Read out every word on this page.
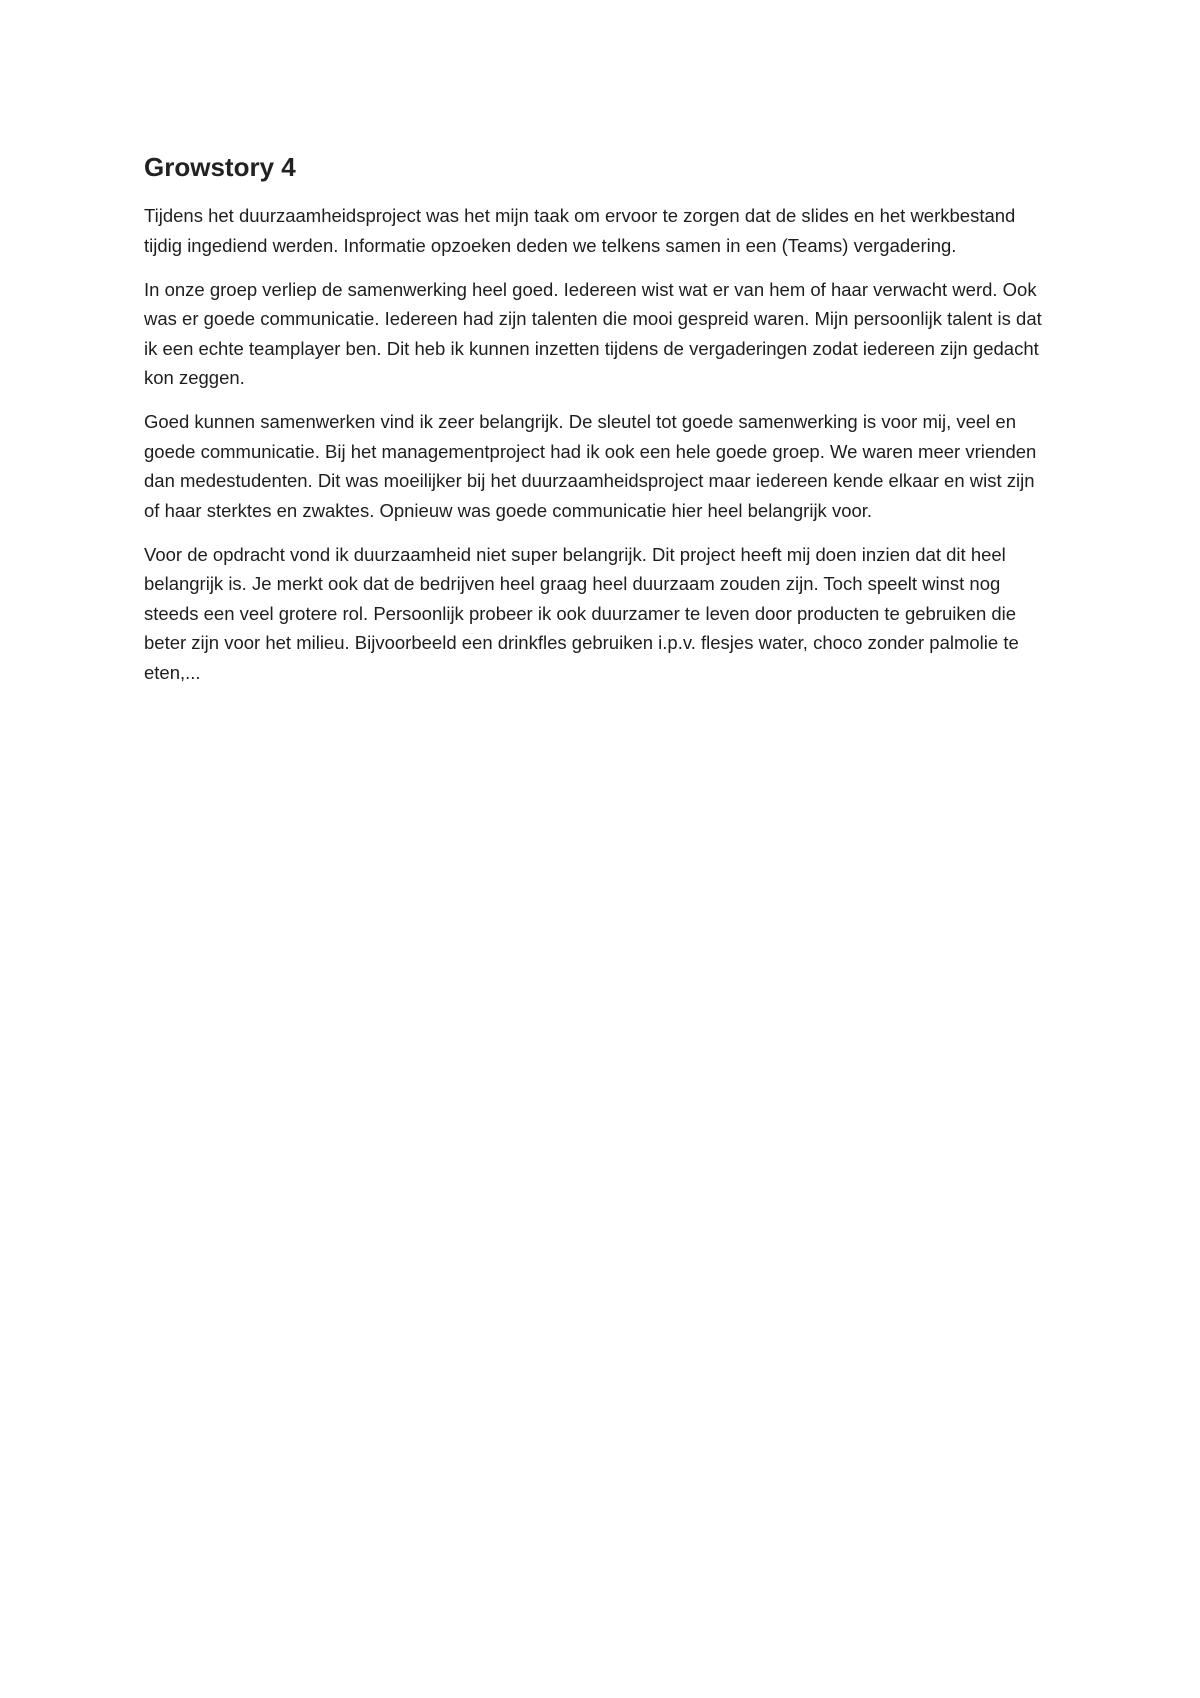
Growstory 4

Tijdens het duurzaamheidsproject was het mijn taak om ervoor te zorgen dat de slides en het werkbestand tijdig ingediend werden. Informatie opzoeken deden we telkens samen in een (Teams) vergadering.

In onze groep verliep de samenwerking heel goed. Iedereen wist wat er van hem of haar verwacht werd. Ook was er goede communicatie. Iedereen had zijn talenten die mooi gespreid waren. Mijn persoonlijk talent is dat ik een echte teamplayer ben. Dit heb ik kunnen inzetten tijdens de vergaderingen zodat iedereen zijn gedacht kon zeggen.

Goed kunnen samenwerken vind ik zeer belangrijk. De sleutel tot goede samenwerking is voor mij, veel en goede communicatie. Bij het managementproject had ik ook een hele goede groep. We waren meer vrienden dan medestudenten. Dit was moeilijker bij het duurzaamheidsproject maar iedereen kende elkaar en wist zijn of haar sterktes en zwaktes. Opnieuw was goede communicatie hier heel belangrijk voor.

Voor de opdracht vond ik duurzaamheid niet super belangrijk. Dit project heeft mij doen inzien dat dit heel belangrijk is. Je merkt ook dat de bedrijven heel graag heel duurzaam zouden zijn. Toch speelt winst nog steeds een veel grotere rol. Persoonlijk probeer ik ook duurzamer te leven door producten te gebruiken die beter zijn voor het milieu. Bijvoorbeeld een drinkfles gebruiken i.p.v. flesjes water, choco zonder palmolie te eten,...
